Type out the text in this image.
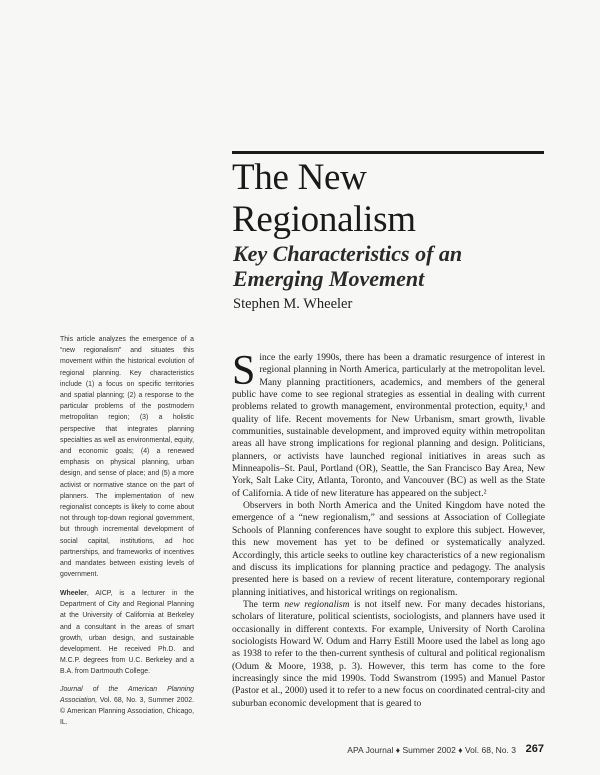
The New
Regionalism
Key Characteristics of an
Emerging Movement
Stephen M. Wheeler

This article analyzes the emergence of a “new regionalism” and situates this movement within the historical evolution of regional planning. Key characteristics include (1) a focus on specific territories and spatial planning; (2) a response to the particular problems of the postmodern metropolitan region; (3) a holistic perspective that integrates planning specialties as well as environmental, equity, and economic goals; (4) a renewed emphasis on physical planning, urban design, and sense of place; and (5) a more activist or normative stance on the part of planners. The implementation of new regionalist concepts is likely to come about not through top-down regional government, but through incremental development of social capital, institutions, ad hoc partnerships, and frameworks of incentives and mandates between existing levels of government.

Wheeler, AICP, is a lecturer in the Department of City and Regional Planning at the University of California at Berkeley and a consultant in the areas of smart growth, urban design, and sustainable development. He received Ph.D. and M.C.P. degrees from U.C. Berkeley and a B.A. from Dartmouth College.

Journal of the American Planning Association, Vol. 68, No. 3, Summer 2002. © American Planning Association, Chicago, IL.

Since the early 1990s, there has been a dramatic resurgence of interest in regional planning in North America, particularly at the metropolitan level. Many planning practitioners, academics, and members of the general public have come to see regional strategies as essential in dealing with current problems related to growth management, environmental protection, equity,¹ and quality of life. Recent movements for New Urbanism, smart growth, livable communities, sustainable development, and improved equity within metropolitan areas all have strong implications for regional planning and design. Politicians, planners, or activists have launched regional initiatives in areas such as Minneapolis–St. Paul, Portland (OR), Seattle, the San Francisco Bay Area, New York, Salt Lake City, Atlanta, Toronto, and Vancouver (BC) as well as the State of California. A tide of new literature has appeared on the subject.²

Observers in both North America and the United Kingdom have noted the emergence of a “new regionalism,” and sessions at Association of Collegiate Schools of Planning conferences have sought to explore this subject. However, this new movement has yet to be defined or systematically analyzed. Accordingly, this article seeks to outline key characteristics of a new regionalism and discuss its implications for planning practice and pedagogy. The analysis presented here is based on a review of recent literature, contemporary regional planning initiatives, and historical writings on regionalism.

The term new regionalism is not itself new. For many decades historians, scholars of literature, political scientists, sociologists, and planners have used it occasionally in different contexts. For example, University of North Carolina sociologists Howard W. Odum and Harry Estill Moore used the label as long ago as 1938 to refer to the then-current synthesis of cultural and political regionalism (Odum & Moore, 1938, p. 3). However, this term has come to the fore increasingly since the mid 1990s. Todd Swanstrom (1995) and Manuel Pastor (Pastor et al., 2000) used it to refer to a new focus on coordinated central-city and suburban economic development that is geared to

APA Journal ♦ Summer 2002 ♦ Vol. 68, No. 3 267
